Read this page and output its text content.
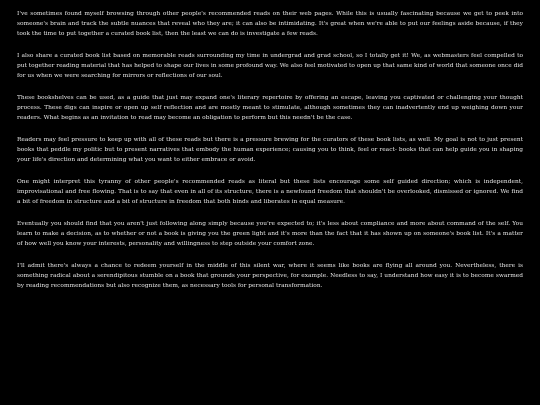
I've sometimes found myself browsing through other people's recommended reads on their web pages. While this is usually fascinating because we get to peek into someone's brain and track the subtle nuances that reveal who they are; it can also be intimidating. It's great when we're able to put our feelings aside because, if they took the time to put together a curated book list, then the least we can do is investigate a few reads.

I also share a curated book list based on memorable reads surrounding my time in undergrad and grad school, so I totally get it! We, as webmasters feel compelled to put together reading material that has helped to shape our lives in some profound way. We also feel motivated to open up that same kind of world that someone once did for us when we were searching for mirrors or reflections of our soul.

These bookshelves can be used, as a guide that just may expand one's literary repertoire by offering an escape, leaving you captivated or challenging your thought process. These digs can inspire or open up self reflection and are mostly meant to stimulate, although sometimes they can inadvertently end up weighing down your readers. What begins as an invitation to read may become an obligation to perform but this needn't be the case.

Readers may feel pressure to keep up with all of these reads but there is a pressure brewing for the curators of these book lists, as well. My goal is not to just present books that peddle my politic but to present narratives that embody the human experience; causing you to think, feel or react- books that can help guide you in shaping your life's direction and determining what you want to either embrace or avoid.

One might interpret this tyranny of other people's recommended reads as literal but these lists encourage some self guided direction; which is independent, improvisational and free flowing. That is to say that even in all of its structure, there is a newfound freedom that shouldn't be overlooked, dismissed or ignored. We find a bit of freedom in structure and a bit of structure in freedom that both binds and liberates in equal measure.

Eventually you should find that you aren't just following along simply because you're expected to; it's less about compliance and more about command of the self. You learn to make a decision, as to whether or not a book is giving you the green light and it's more than the fact that it has shown up on someone's book list. It's a matter of how well you know your interests, personality and willingness to step outside your comfort zone.

I'll admit there's always a chance to redeem yourself in the middle of this silent war, where it seems like books are flying all around you. Nevertheless, there is something radical about a serendipitous stumble on a book that grounds your perspective, for example. Needless to say, I understand how easy it is to become swarmed by reading recommendations but also recognize them, as necessary tools for personal transformation.
